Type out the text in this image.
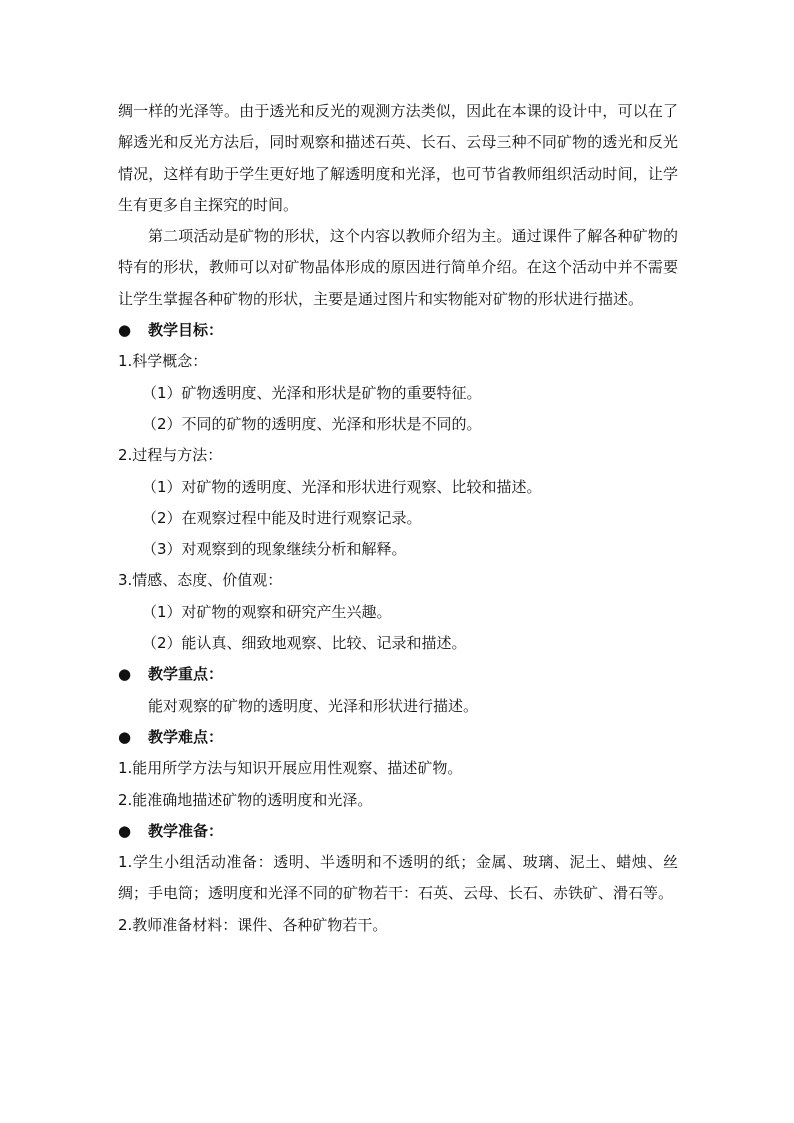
绸一样的光泽等。由于透光和反光的观测方法类似，因此在本课的设计中，可以在了解透光和反光方法后，同时观察和描述石英、长石、云母三种不同矿物的透光和反光情况，这样有助于学生更好地了解透明度和光泽，也可节省教师组织活动时间，让学生有更多自主探究的时间。

第二项活动是矿物的形状，这个内容以教师介绍为主。通过课件了解各种矿物的特有的形状，教师可以对矿物晶体形成的原因进行简单介绍。在这个活动中并不需要让学生掌握各种矿物的形状，主要是通过图片和实物能对矿物的形状进行描述。

● 教学目标：

1.科学概念：

（1）矿物透明度、光泽和形状是矿物的重要特征。

（2）不同的矿物的透明度、光泽和形状是不同的。

2.过程与方法：

（1）对矿物的透明度、光泽和形状进行观察、比较和描述。

（2）在观察过程中能及时进行观察记录。

（3）对观察到的现象继续分析和解释。

3.情感、态度、价值观：

（1）对矿物的观察和研究产生兴趣。

（2）能认真、细致地观察、比较、记录和描述。

● 教学重点：

能对观察的矿物的透明度、光泽和形状进行描述。

● 教学难点：

1.能用所学方法与知识开展应用性观察、描述矿物。

2.能准确地描述矿物的透明度和光泽。

● 教学准备：

1.学生小组活动准备：透明、半透明和不透明的纸；金属、玻璃、泥土、蜡烛、丝绸；手电筒；透明度和光泽不同的矿物若干：石英、云母、长石、赤铁矿、滑石等。

2.教师准备材料：课件、各种矿物若干。
